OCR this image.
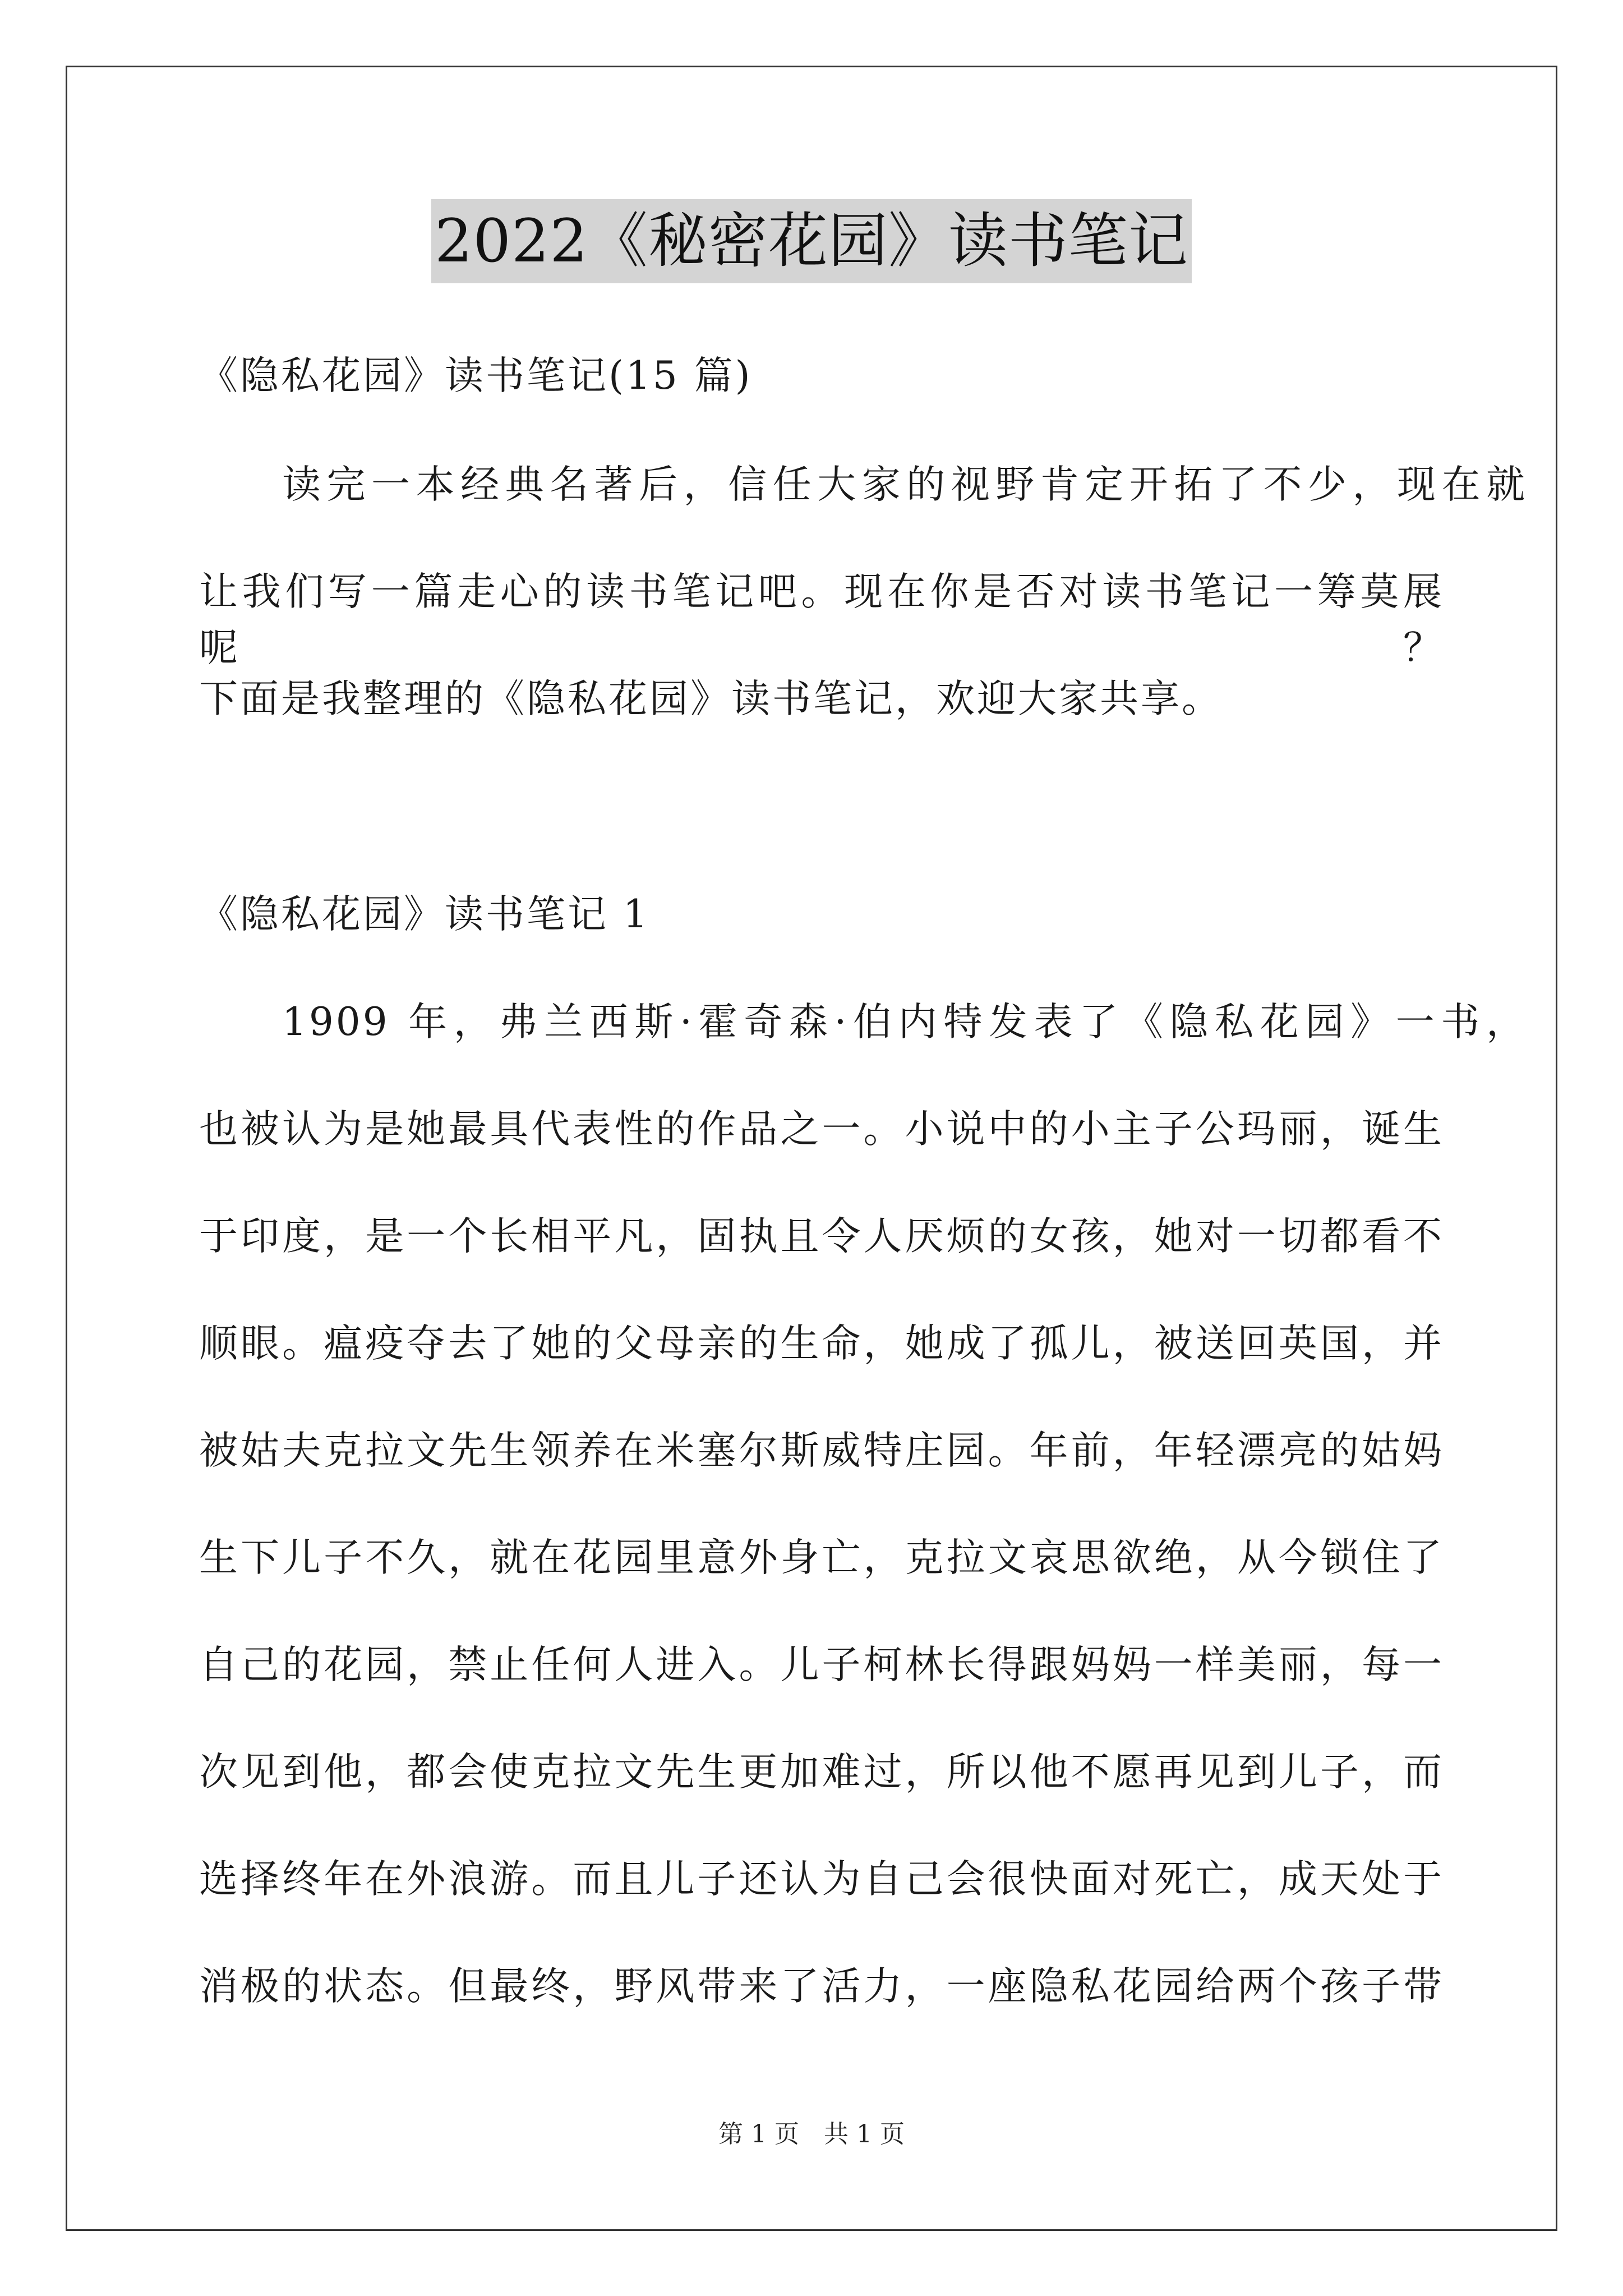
2022《秘密花园》读书笔记
《隐私花园》读书笔记(15 篇)
读完一本经典名著后，信任大家的视野肯定开拓了不少，现在就
让我们写一篇走心的读书笔记吧。现在你是否对读书笔记一筹莫展呢？
下面是我整理的《隐私花园》读书笔记，欢迎大家共享。
《隐私花园》读书笔记 1
1909 年，弗兰西斯·霍奇森·伯内特发表了《隐私花园》一书，
也被认为是她最具代表性的作品之一。小说中的小主子公玛丽，诞生
于印度，是一个长相平凡，固执且令人厌烦的女孩，她对一切都看不
顺眼。瘟疫夺去了她的父母亲的生命，她成了孤儿，被送回英国，并
被姑夫克拉文先生领养在米塞尔斯威特庄园。年前，年轻漂亮的姑妈
生下儿子不久，就在花园里意外身亡，克拉文哀思欲绝，从今锁住了
自己的花园，禁止任何人进入。儿子柯林长得跟妈妈一样美丽，每一
次见到他，都会使克拉文先生更加难过，所以他不愿再见到儿子，而
选择终年在外浪游。而且儿子还认为自己会很快面对死亡，成天处于
消极的状态。但最终，野风带来了活力，一座隐私花园给两个孩子带
第 1 页　共 1 页
